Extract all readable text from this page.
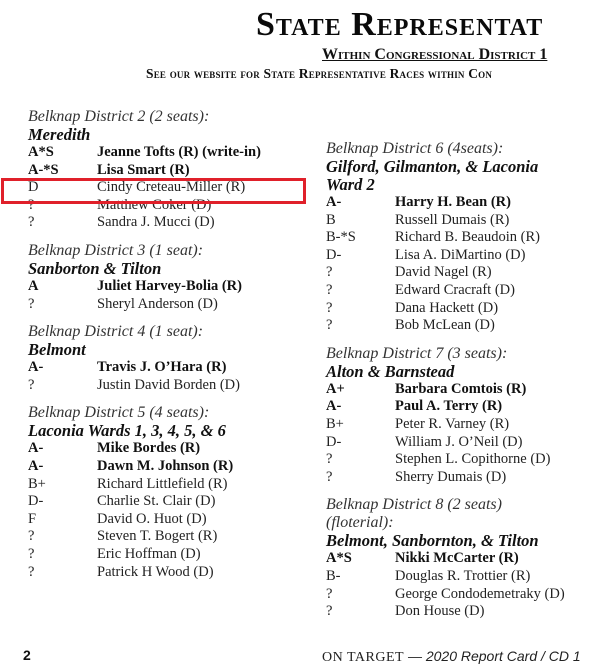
State Representat
Within Congressional District 1
See our website for State Representative Races within Con
Belknap District 2 (2 seats):
Meredith
A*S	Jeanne Tofts (R) (write-in)
A-*S	Lisa Smart (R)
D	Cindy Creteau-Miller (R)
?	Matthew Coker (D)
?	Sandra J. Mucci (D)
Belknap District 3 (1 seat):
Sanborton & Tilton
A	Juliet Harvey-Bolia (R)
?	Sheryl Anderson (D)
Belknap District 4 (1 seat):
Belmont
A-	Travis J. O’Hara (R)
?	Justin David Borden (D)
Belknap District 5 (4 seats):
Laconia Wards 1, 3, 4, 5, & 6
A-	Mike Bordes (R)
A-	Dawn M. Johnson (R)
B+	Richard Littlefield (R)
D-	Charlie St. Clair (D)
F	David O. Huot (D)
?	Steven T. Bogert (R)
?	Eric Hoffman (D)
?	Patrick H Wood (D)
Belknap District 6 (4seats):
Gilford, Gilmanton, & Laconia
Ward 2
A-	Harry H. Bean (R)
B	Russell Dumais (R)
B-*S	Richard B. Beaudoin (R)
D-	Lisa A. DiMartino (D)
?	David Nagel (R)
?	Edward Cracraft (D)
?	Dana Hackett (D)
?	Bob McLean (D)
Belknap District 7 (3 seats):
Alton & Barnstead
A+	Barbara Comtois (R)
A-	Paul A. Terry (R)
B+	Peter R. Varney (R)
D-	William J. O’Neil (D)
?	Stephen L. Copithorne (D)
?	Sherry Dumais (D)
Belknap District 8 (2 seats)
(floterial):
Belmont, Sanbornton, & Tilton
A*S	Nikki McCarter (R)
B-	Douglas R. Trottier (R)
?	George Condodemetraky (D)
?	Don House (D)
2	ON TARGET — 2020 Report Card / CD 1
